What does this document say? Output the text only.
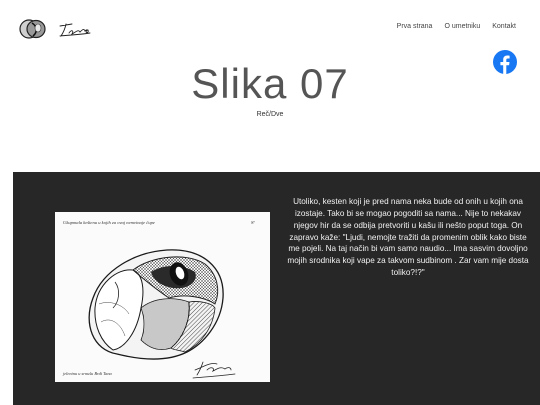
Prva strana O umetniku Kontakt
Slika 07
Reč/Dve
Ukupmala keštenu u kojih za ovaj nemvinaje čupe	Sº
jeleninu u srnušu Brdi Tana

Utoliko, kesten koji je pred nama neka bude od onih u kojih ona izostaje. Tako bi se mogao pogoditi sa nama... Nije to nekakav njegov hir da se odbija pretvoriti u kašu ili nešto poput toga. On zapravo kaže: "Ljudi, nemojte tražiti da promenim oblik kako biste me pojeli. Na taj način bi vam samo naudio... Ima sasvim dovoljno mojih srodnika koji vape za takvom sudbinom . Zar vam mije dosta toliko?!?"
